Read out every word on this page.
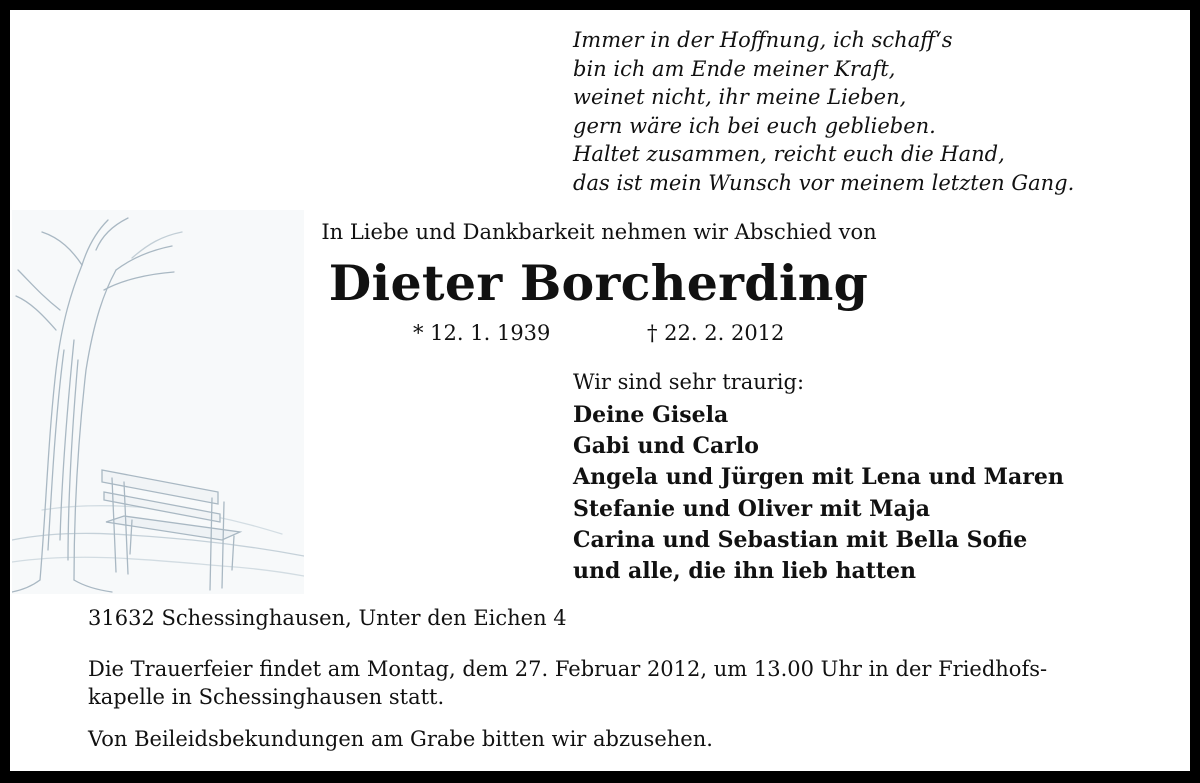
Immer in der Hoffnung, ich schaff‘s
bin ich am Ende meiner Kraft,
weinet nicht, ihr meine Lieben,
gern wäre ich bei euch geblieben.
Haltet zusammen, reicht euch die Hand,
das ist mein Wunsch vor meinem letzten Gang.
In Liebe und Dankbarkeit nehmen wir Abschied von
Dieter Borcherding
* 12. 1. 1939	† 22. 2. 2012
Wir sind sehr traurig:
Deine Gisela
Gabi und Carlo
Angela und Jürgen mit Lena und Maren
Stefanie und Oliver mit Maja
Carina und Sebastian mit Bella Sofie
und alle, die ihn lieb hatten
31632 Schessinghausen, Unter den Eichen 4
Die Trauerfeier findet am Montag, dem 27. Februar 2012, um 13.00 Uhr in der Friedhofs-
kapelle in Schessinghausen statt.
Von Beileidsbekundungen am Grabe bitten wir abzusehen.
